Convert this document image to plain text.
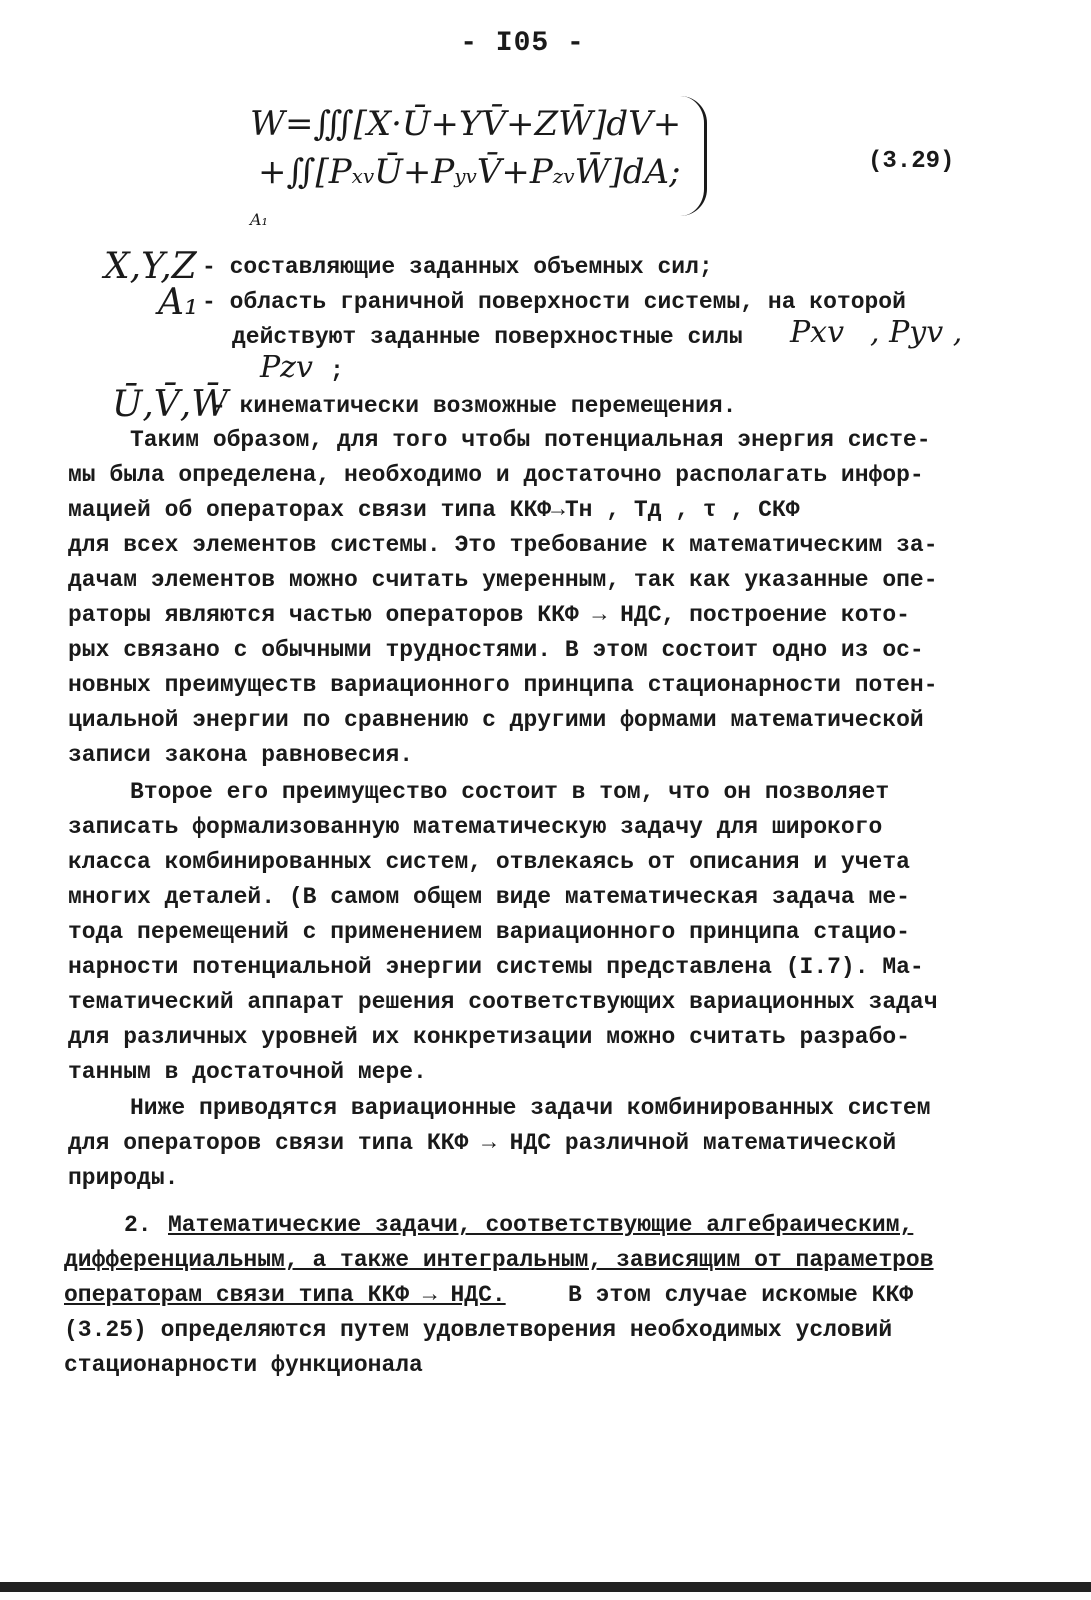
- I05 -
W=∭[X·Ū+YV̄+ZW̄]dV+
+∬[PxvŪ+PyvV̄+PzvW̄]dA;
A₁
(3.29)
X,Y,Z - составляющие заданных объемных сил;
A₁ - область граничной поверхности системы, на которой
действуют заданные поверхностные силы Pxv , Pyv ,
Pzv ;
Ū,V̄,W̄
- кинематически возможные перемещения.
Таким образом, для того чтобы потенциальная энергия систе-
мы была определена, необходимо и достаточно располагать инфор-
мацией об операторах связи типа ККФ→Tн , Tд , τ , СКФ
для всех элементов системы. Это требование к математическим за-
дачам элементов можно считать умеренным, так как указанные опе-
раторы являются частью операторов ККФ → НДС, построение кото-
рых связано с обычными трудностями. В этом состоит одно из ос-
новных преимуществ вариационного принципа стационарности потен-
циальной энергии по сравнению с другими формами математической
записи закона равновесия.
Второе его преимущество состоит в том, что он позволяет
записать формализованную математическую задачу для широкого
класса комбинированных систем, отвлекаясь от описания и учета
многих деталей. (В самом общем виде математическая задача ме-
тода перемещений с применением вариационного принципа стацио-
нарности потенциальной энергии системы представлена (I.7). Ма-
тематический аппарат решения соответствующих вариационных задач
для различных уровней их конкретизации можно считать разрабо-
танным в достаточной мере.
Ниже приводятся вариационные задачи комбинированных систем
для операторов связи типа ККФ → НДС различной математической
природы.
2. Математические задачи, соответствующие алгебраическим,
дифференциальным, а также интегральным, зависящим от параметров
операторам связи типа ККФ → НДС.	В этом случае искомые ККФ
(3.25) определяются путем удовлетворения необходимых условий
стационарности функционала
